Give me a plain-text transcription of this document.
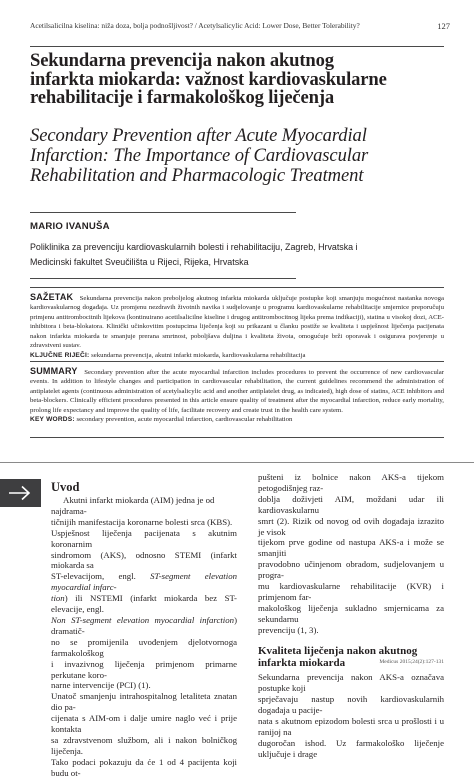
Acetilsalicilna kiselina: niža doza, bolja podnošljivost? / Acetylsalicylic Acid: Lower Dose, Better Tolerability?	127
Sekundarna prevencija nakon akutnog
infarkta miokarda: važnost kardiovaskularne
rehabilitacije i farmakološkog liječenja
Secondary Prevention after Acute Myocardial
Infarction: The Importance of Cardiovascular
Rehabilitation and Pharmacologic Treatment
MARIO IVANUŠA
Poliklinika za prevenciju kardiovaskularnih bolesti i rehabilitaciju, Zagreb, Hrvatska i
Medicinski fakultet Sveučilišta u Rijeci, Rijeka, Hrvatska
SAŽETAK Sekundarna prevencija nakon preboljelog akutnog infarkta miokarda uključuje postupke koji smanjuju mogućnost nastanka novoga kardiovaskularnog događaja. Uz promjenu nezdravih životnih navika i sudjelovanje u programu kardiovaskularne rehabilitacije smjernice preporučuju primjenu antitrombocitnih lijekova (kontinuirano acetilsalicilne kiseline i drugog antitrombocitnog lijeka prema indikaciji), statina u visokoj dozi, ACE-inhibitora i beta-blokatora. Klinički učinkovitim postupcima liječenja koji su prikazani u članku postiže se kvaliteta i uspješnost liječenja pacijenata nakon infarkta miokarda te smanjuje prerana smrtnost, poboljšava duljina i kvaliteta života, omogućuje brži oporavak i osigurava povjerenje u zdravstveni sustav.
KLJUČNE RIJEČI: sekundarna prevencija, akutni infarkt miokarda, kardiovaskularna rehabilitacija
SUMMARY Secondary prevention after the acute myocardial infarction includes procedures to prevent the occurrence of new cardiovascular events. In addition to lifestyle changes and participation in cardiovascular rehabilitation, the current guidelines recommend the administration of antiplatelet agents (continuous administration of acetylsalicylic acid and another antiplatelet drug, as indicated), high dose of statins, ACE inhibitors and beta-blockers. Clinically efficient procedures presented in this article ensure quality of treatment after the myocardial infarction, reduce early mortality, prolong life expectancy and improve the quality of life, facilitate recovery and create trust in the health care system.
KEY WORDS: secondary prevention, acute myocardial infarction, cardiovascular rehabilitation

Uvod

Akutni infarkt miokarda (AIM) jedna je od najdrama-

tičnijih manifestacija koronarne bolesti srca (KBS).

Uspješnost liječenja pacijenata s akutnim koronarnim

sindromom (AKS), odnosno STEMI (infarkt miokarda sa

ST-elevacijom, engl. ST-segment elevation myocardial infarc-

tion) ili NSTEMI (infarkt miokarda bez ST-elevacije, engl.

Non ST-segment elevation myocardial infarction) dramatič-

no se promijenila uvođenjem djelotvornoga farmakološkog

i invazivnog liječenja primjenom primarne perkutane koro-

narne intervencije (PCI) (1).

Unatoč smanjenju intrahospitalnog letaliteta znatan dio pa-

cijenata s AIM-om i dalje umire naglo već i prije kontakta

sa zdravstvenom službom, ali i nakon bolničkog liječenja.

Tako podaci pokazuju da će 1 od 4 pacijenta koji budu ot-

pušteni iz bolnice nakon AKS-a tijekom petogodišnjeg raz-

doblja doživjeti AIM, moždani udar ili kardiovaskularnu

smrt (2). Rizik od novog od ovih događaja izrazito je visok

tijekom prve godine od nastupa AKS-a i može se smanjiti

pravodobno učinjenom obradom, sudjelovanjem u progra-

mu kardiovaskularne rehabilitacije (KVR) i primjenom far-

makološkog liječenja sukladno smjernicama za sekundarnu

prevenciju (1, 3).

Kvaliteta liječenja nakon akutnog

infarkta miokarda

Sekundarna prevencija nakon AKS-a označava postupke koji

sprječavaju nastup novih kardiovaskularnih događaja u pacije-

nata s akutnom epizodom bolesti srca u prošlosti i u ranijoj na

dugoročan ishod. Uz farmakološko liječenje uključuje i drage

Medicus 2015;24(2):127-131
